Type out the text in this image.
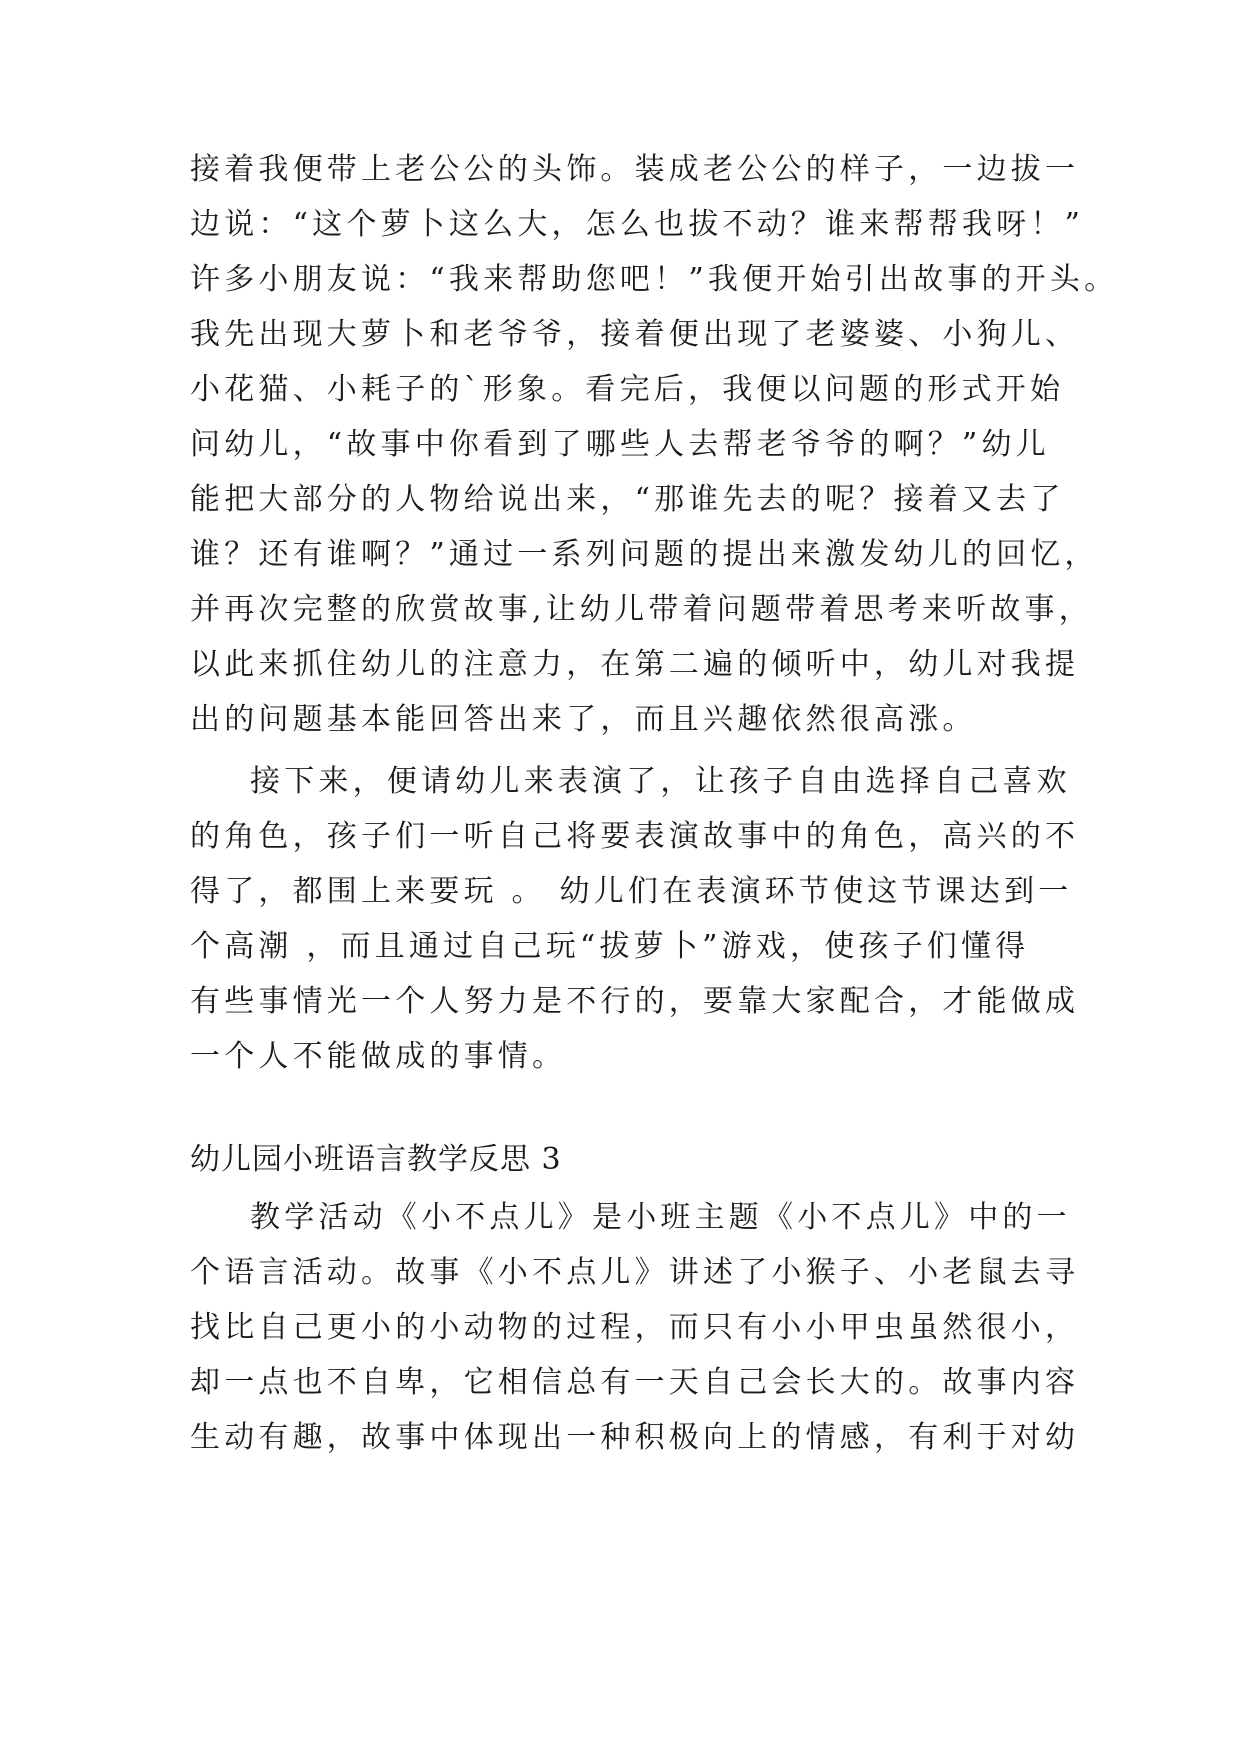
接着我便带上老公公的头饰。装成老公公的样子，一边拔一
边说：“这个萝卜这么大，怎么也拔不动？谁来帮帮我呀！”
许多小朋友说：“我来帮助您吧！”我便开始引出故事的开头。
我先出现大萝卜和老爷爷，接着便出现了老婆婆、小狗儿、
小花猫、小耗子的`形象。看完后，我便以问题的形式开始
问幼儿，“故事中你看到了哪些人去帮老爷爷的啊？”幼儿
能把大部分的人物给说出来，“那谁先去的呢？接着又去了
谁？还有谁啊？”通过一系列问题的提出来激发幼儿的回忆，
并再次完整的欣赏故事,让幼儿带着问题带着思考来听故事，
以此来抓住幼儿的注意力，在第二遍的倾听中，幼儿对我提
出的问题基本能回答出来了，而且兴趣依然很高涨。
接下来，便请幼儿来表演了，让孩子自由选择自己喜欢
的角色，孩子们一听自己将要表演故事中的角色，高兴的不
得了，都围上来要玩 。 幼儿们在表演环节使这节课达到一
个高潮 ，而且通过自己玩“拔萝卜”游戏，使孩子们懂得
有些事情光一个人努力是不行的，要靠大家配合，才能做成
一个人不能做成的事情。
幼儿园小班语言教学反思 3
教学活动《小不点儿》是小班主题《小不点儿》中的一
个语言活动。故事《小不点儿》讲述了小猴子、小老鼠去寻
找比自己更小的小动物的过程，而只有小小甲虫虽然很小，
却一点也不自卑，它相信总有一天自己会长大的。故事内容
生动有趣，故事中体现出一种积极向上的情感，有利于对幼
